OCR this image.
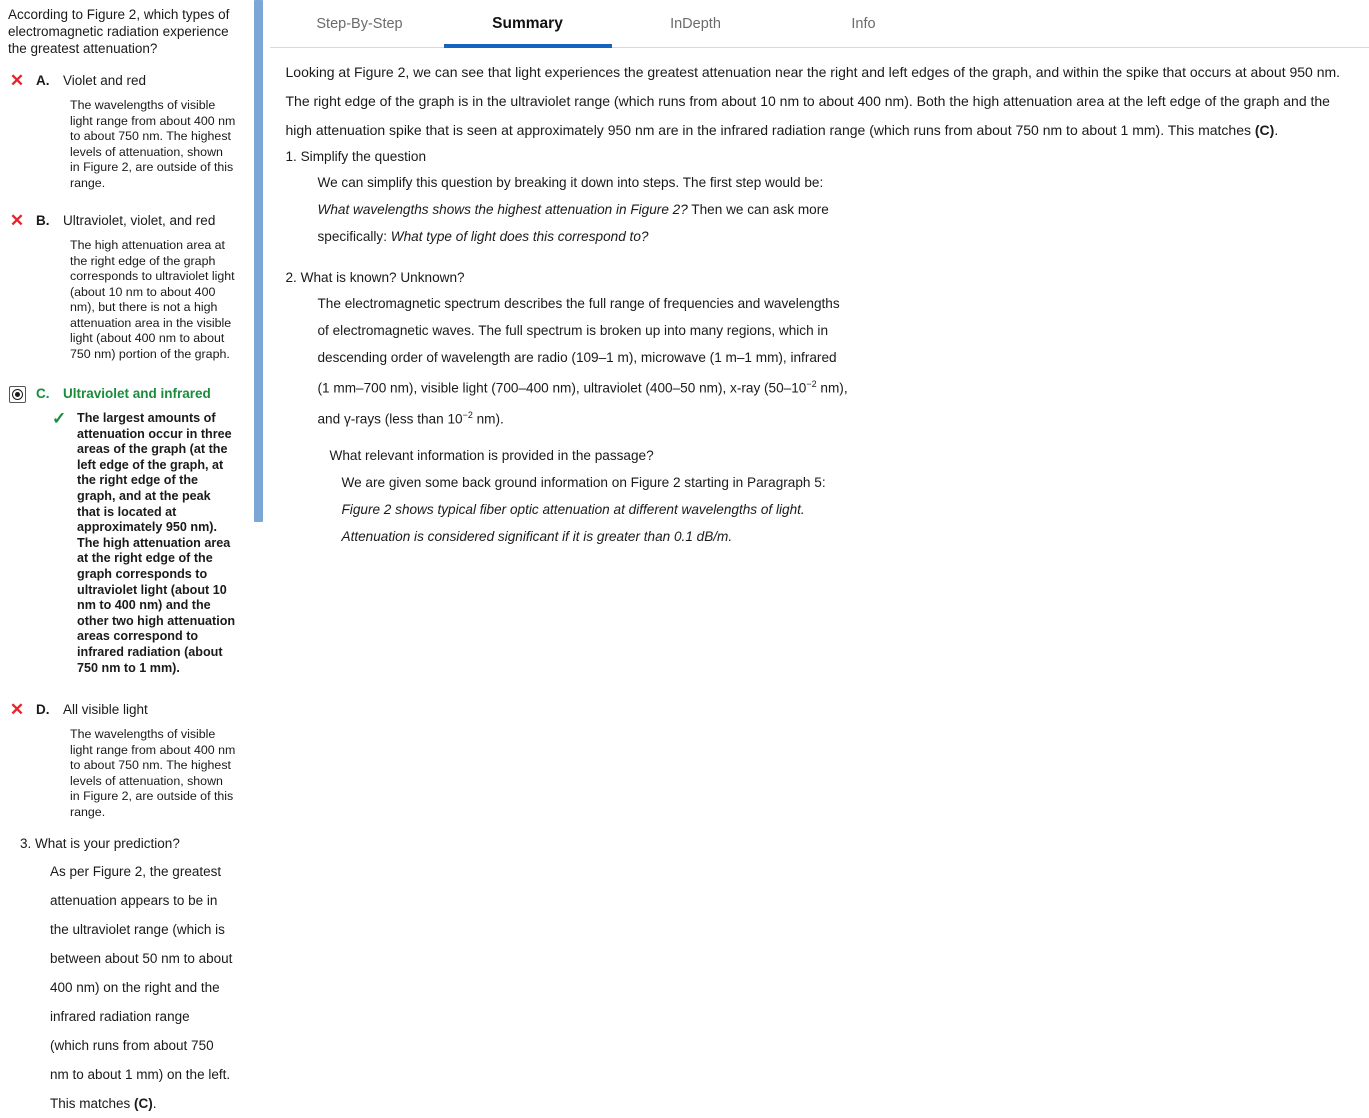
According to Figure 2, which types of electromagnetic radiation experience the greatest attenuation?
✕ A.	Violet and red
The wavelengths of visible light range from about 400 nm to about 750 nm. The highest levels of attenuation, shown in Figure 2, are outside of this range.
✕ B.	Ultraviolet, violet, and red
The high attenuation area at the right edge of the graph corresponds to ultraviolet light (about 10 nm to about 400 nm), but there is not a high attenuation area in the visible light (about 400 nm to about 750 nm) portion of the graph.
C.	Ultraviolet and infrared
✓ The largest amounts of attenuation occur in three areas of the graph (at the left edge of the graph, at the right edge of the graph, and at the peak that is located at approximately 950 nm). The high attenuation area at the right edge of the graph corresponds to ultraviolet light (about 10 nm to 400 nm) and the other two high attenuation areas correspond to infrared radiation (about 750 nm to 1 mm).
✕ D.	All visible light
The wavelengths of visible light range from about 400 nm to about 750 nm. The highest levels of attenuation, shown in Figure 2, are outside of this range.
3. What is your prediction?
As per Figure 2, the greatest attenuation appears to be in the ultraviolet range (which is
between about 50 nm to about 400 nm) on the right and the infrared radiation range
(which runs from about 750 nm to about 1 mm) on the left. This matches (C).
Step-By-Step	Summary	InDepth	Info
Looking at Figure 2, we can see that light experiences the greatest attenuation near the right and left edges of the graph, and within the spike that occurs at about 950 nm. The right edge of the graph is in the ultraviolet range (which runs from about 10 nm to about 400 nm). Both the high attenuation area at the left edge of the graph and the high attenuation spike that is seen at approximately 950 nm are in the infrared radiation range (which runs from about 750 nm to about 1 mm). This matches (C).
1. Simplify the question
We can simplify this question by breaking it down into steps. The first step would be:
What wavelengths shows the highest attenuation in Figure 2? Then we can ask more
specifically: What type of light does this correspond to?
2. What is known? Unknown?
The electromagnetic spectrum describes the full range of frequencies and wavelengths
of electromagnetic waves. The full spectrum is broken up into many regions, which in
descending order of wavelength are radio (109–1 m), microwave (1 m–1 mm), infrared
(1 mm–700 nm), visible light (700–400 nm), ultraviolet (400–50 nm), x-ray ($50-10^{-2}$ nm),
and γ-rays (less than $10^{-2}$ nm).
What relevant information is provided in the passage?
We are given some back ground information on Figure 2 starting in Paragraph 5:
Figure 2 shows typical fiber optic attenuation at different wavelengths of light.
Attenuation is considered significant if it is greater than 0.1 dB/m.
